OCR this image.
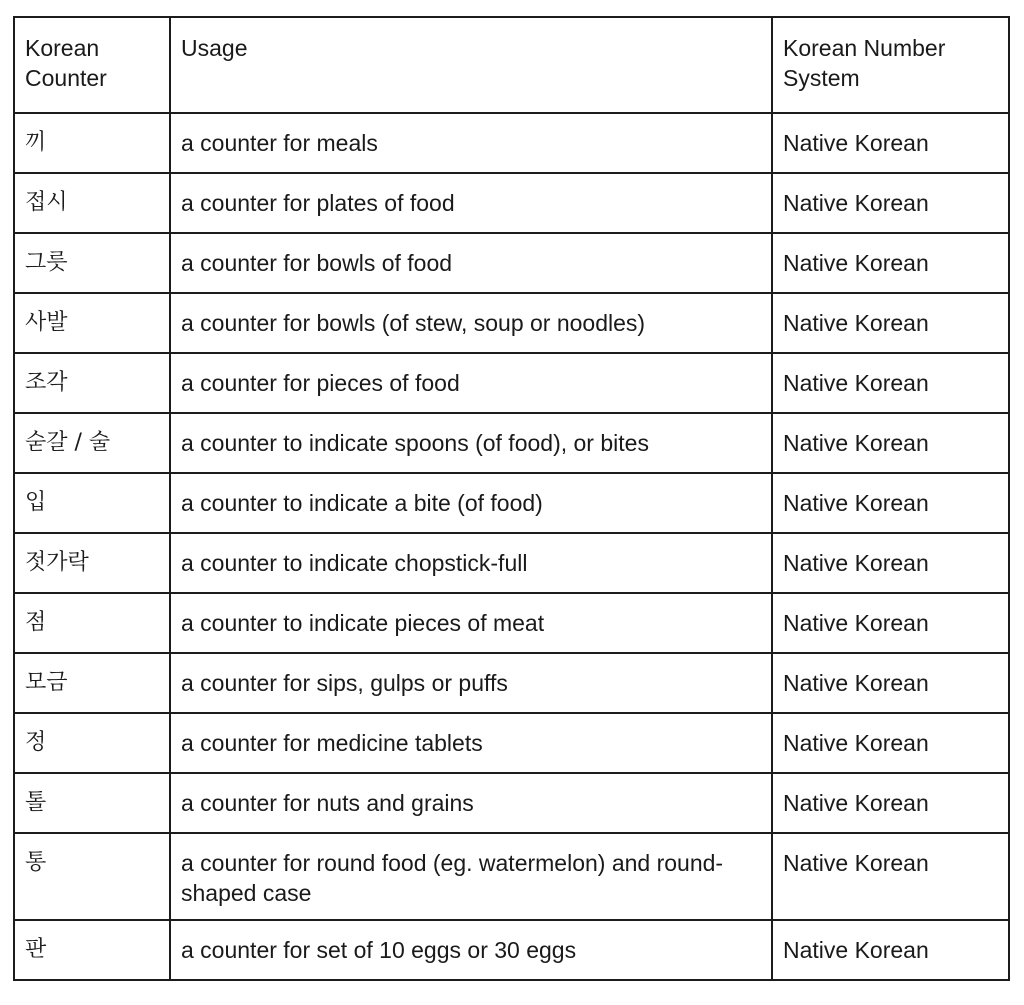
Korean Counter	Usage	Korean Number System
끼	a counter for meals	Native Korean
접시	a counter for plates of food	Native Korean
그릇	a counter for bowls of food	Native Korean
사발	a counter for bowls (of stew, soup or noodles)	Native Korean
조각	a counter for pieces of food	Native Korean
숟갈 / 술	a counter to indicate spoons (of food), or bites	Native Korean
입	a counter to indicate a bite (of food)	Native Korean
젓가락	a counter to indicate chopstick-full	Native Korean
점	a counter to indicate pieces of meat	Native Korean
모금	a counter for sips, gulps or puffs	Native Korean
정	a counter for medicine tablets	Native Korean
톨	a counter for nuts and grains	Native Korean
통	a counter for round food (eg. watermelon) and round-shaped case	Native Korean
판	a counter for set of 10 eggs or 30 eggs	Native Korean
